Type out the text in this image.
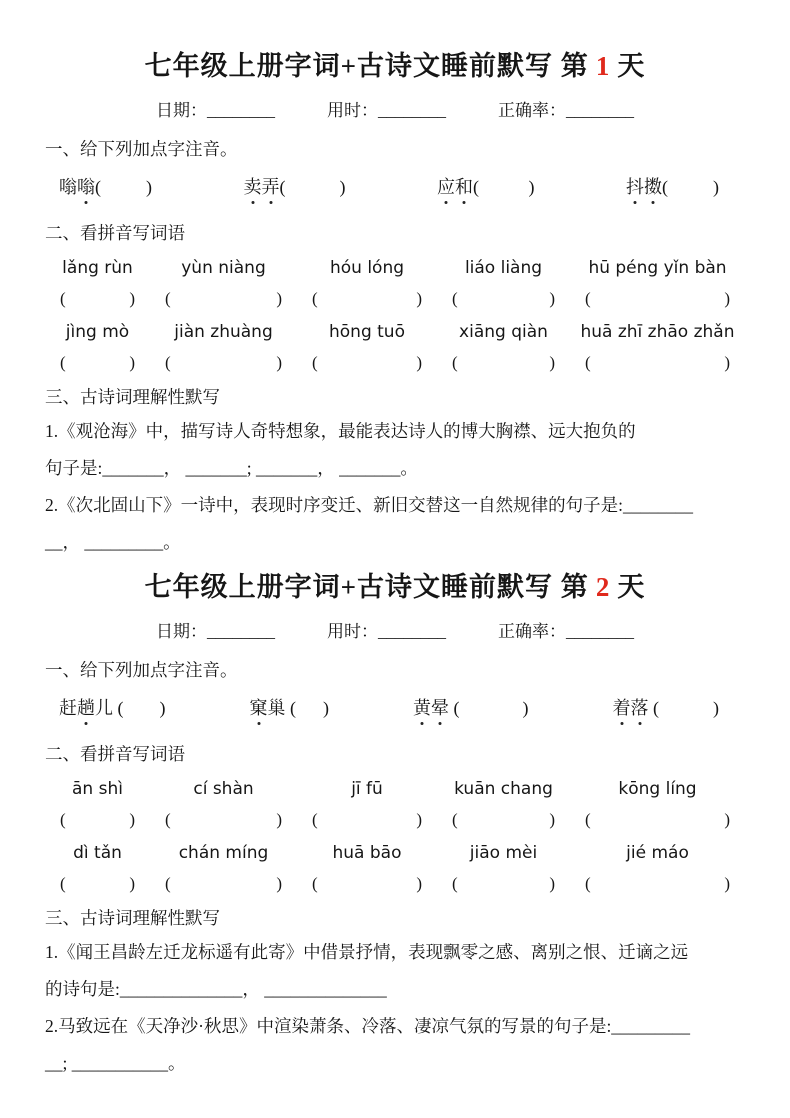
七年级上册字词+古诗文睡前默写 第 1 天
日期：________	用时：________	正确率：________
一、给下列加点字注音。
嗡嗡(          )	卖弄(            )	应和(           )	抖擞(          )
二、看拼音写词语
lǎng rùn	yùn niàng	hóu lóng	liáo liàng	hū péng yǐn bàn
(	) (	) (	) (	) (	)
jìng mò	jiàn zhuàng	hōng tuō	xiāng qiàn	huā zhī zhāo zhǎn
(	) (	) (	) (	) (	)
三、古诗词理解性默写
1.《观沧海》中，描写诗人奇特想象，最能表达诗人的博大胸襟、远大抱负的
句子是:_______， _______; _______， _______。
2.《次北固山下》一诗中，表现时序变迁、新旧交替这一自然规律的句子是:________
__， _________。
七年级上册字词+古诗文睡前默写 第 2 天
日期：________	用时：________	正确率：________
一、给下列加点字注音。
赶趟儿 (        )	窠巢 (      )	黄晕 (              )	着落 (            )
二、看拼音写词语
ān shì	cí shàn	jī fū	kuān chang	kōng líng
(	) (	) (	) (	) (	)
dì tǎn	chán míng	huā bāo	jiāo mèi	jié máo
(	) (	) (	) (	) (	)
三、古诗词理解性默写
1.《闻王昌龄左迁龙标遥有此寄》中借景抒情，表现飘零之感、离别之恨、迁谪之远
的诗句是:______________， ______________
2.马致远在《天净沙·秋思》中渲染萧条、冷落、凄凉气氛的写景的句子是:_________
__; ___________。
